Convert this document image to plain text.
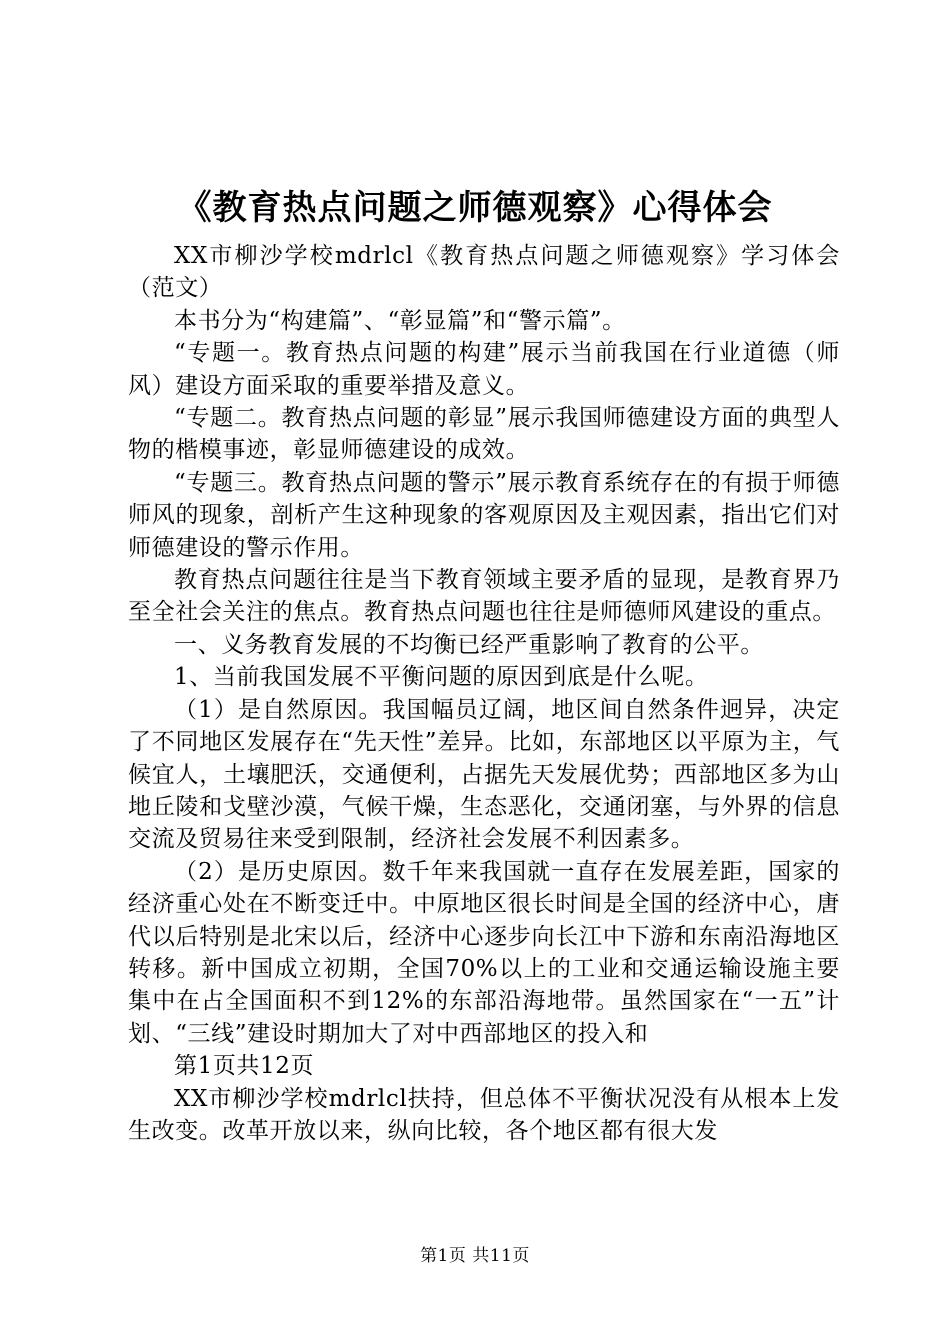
《教育热点问题之师德观察》心得体会

XX市柳沙学校mdrlcl《教育热点问题之师德观察》学习体会（范文）

本书分为“构建篇”、“彰显篇”和“警示篇”。

“专题一。教育热点问题的构建”展示当前我国在行业道德（师风）建设方面采取的重要举措及意义。

“专题二。教育热点问题的彰显”展示我国师德建设方面的典型人物的楷模事迹，彰显师德建设的成效。

“专题三。教育热点问题的警示”展示教育系统存在的有损于师德师风的现象，剖析产生这种现象的客观原因及主观因素，指出它们对师德建设的警示作用。

教育热点问题往往是当下教育领域主要矛盾的显现，是教育界乃至全社会关注的焦点。教育热点问题也往往是师德师风建设的重点。

一、义务教育发展的不均衡已经严重影响了教育的公平。

1、当前我国发展不平衡问题的原因到底是什么呢。

（1）是自然原因。我国幅员辽阔，地区间自然条件迥异，决定了不同地区发展存在“先天性”差异。比如，东部地区以平原为主，气候宜人，土壤肥沃，交通便利，占据先天发展优势；西部地区多为山地丘陵和戈壁沙漠，气候干燥，生态恶化，交通闭塞，与外界的信息交流及贸易往来受到限制，经济社会发展不利因素多。

（2）是历史原因。数千年来我国就一直存在发展差距，国家的经济重心处在不断变迁中。中原地区很长时间是全国的经济中心，唐代以后特别是北宋以后，经济中心逐步向长江中下游和东南沿海地区转移。新中国成立初期，全国70%以上的工业和交通运输设施主要集中在占全国面积不到12%的东部沿海地带。虽然国家在“一五”计划、“三线”建设时期加大了对中西部地区的投入和

第1页共12页

XX市柳沙学校mdrlcl扶持，但总体不平衡状况没有从根本上发生改变。改革开放以来，纵向比较，各个地区都有很大发

第1页 共11页
